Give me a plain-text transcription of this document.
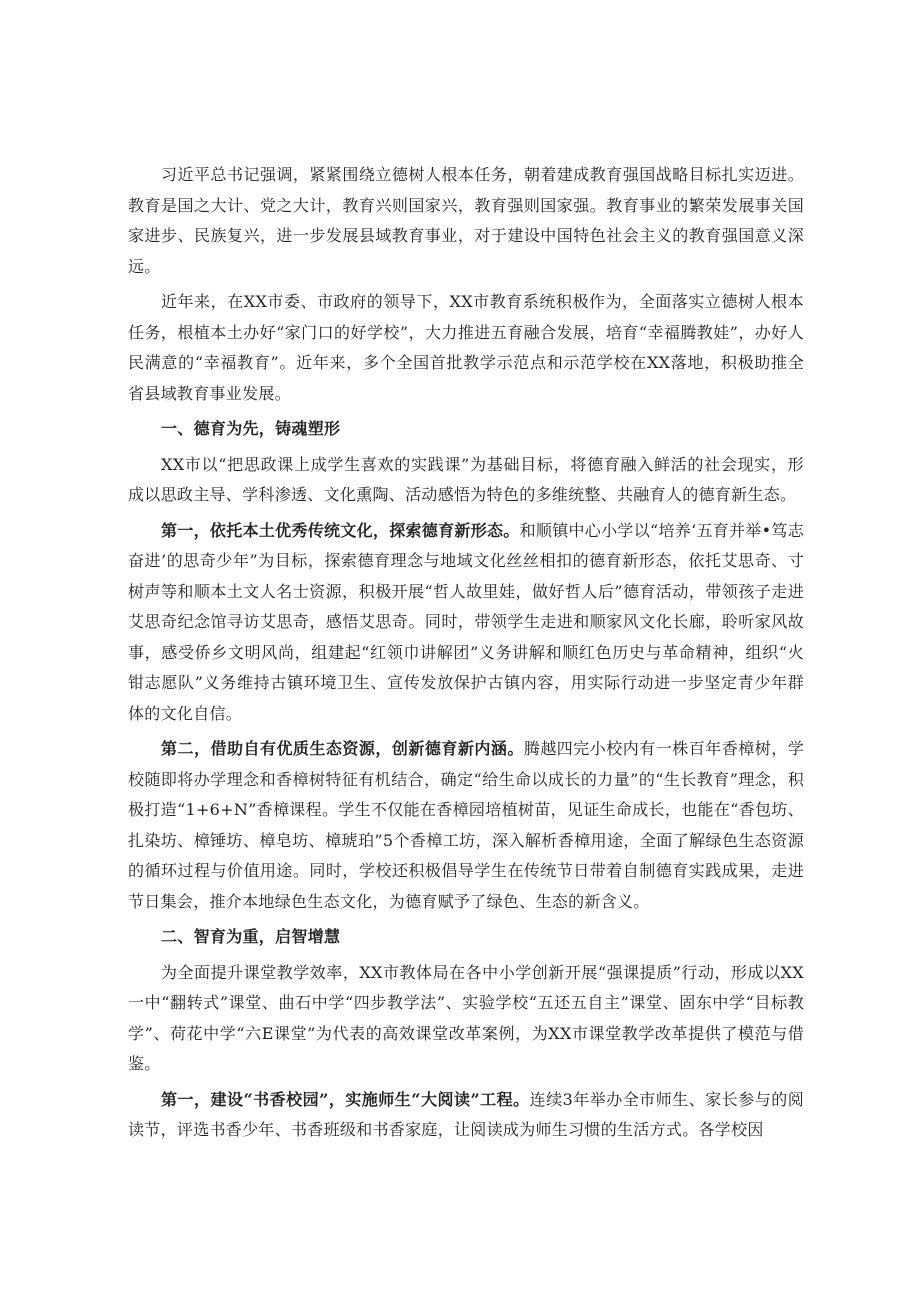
习近平总书记强调，紧紧围绕立德树人根本任务，朝着建成教育强国战略目标扎实迈进。教育是国之大计、党之大计，教育兴则国家兴，教育强则国家强。教育事业的繁荣发展事关国家进步、民族复兴，进一步发展县域教育事业，对于建设中国特色社会主义的教育强国意义深远。

近年来，在XX市委、市政府的领导下，XX市教育系统积极作为，全面落实立德树人根本任务，根植本土办好“家门口的好学校”，大力推进五育融合发展，培育“幸福腾教娃”，办好人民满意的“幸福教育”。近年来，多个全国首批教学示范点和示范学校在XX落地，积极助推全省县域教育事业发展。

一、德育为先，铸魂塑形

XX市以“把思政课上成学生喜欢的实践课”为基础目标，将德育融入鲜活的社会现实，形成以思政主导、学科渗透、文化熏陶、活动感悟为特色的多维统整、共融育人的德育新生态。

第一，依托本土优秀传统文化，探索德育新形态。和顺镇中心小学以“培养‘五育并举•笃志奋进’的思奇少年”为目标，探索德育理念与地域文化丝丝相扣的德育新形态，依托艾思奇、寸树声等和顺本土文人名士资源，积极开展“哲人故里娃，做好哲人后”德育活动，带领孩子走进艾思奇纪念馆寻访艾思奇，感悟艾思奇。同时，带领学生走进和顺家风文化长廊，聆听家风故事，感受侨乡文明风尚，组建起“红领巾讲解团”义务讲解和顺红色历史与革命精神，组织“火钳志愿队”义务维持古镇环境卫生、宣传发放保护古镇内容，用实际行动进一步坚定青少年群体的文化自信。

第二，借助自有优质生态资源，创新德育新内涵。腾越四完小校内有一株百年香樟树，学校随即将办学理念和香樟树特征有机结合，确定“给生命以成长的力量”的“生长教育”理念，积极打造“1+6+N”香樟课程。学生不仅能在香樟园培植树苗，见证生命成长，也能在“香包坊、扎染坊、樟锤坊、樟皂坊、樟琥珀”5个香樟工坊，深入解析香樟用途，全面了解绿色生态资源的循环过程与价值用途。同时，学校还积极倡导学生在传统节日带着自制德育实践成果，走进节日集会，推介本地绿色生态文化，为德育赋予了绿色、生态的新含义。

二、智育为重，启智增慧

为全面提升课堂教学效率，XX市教体局在各中小学创新开展“强课提质”行动，形成以XX一中“翻转式”课堂、曲石中学“四步教学法”、实验学校“五还五自主”课堂、固东中学“目标教学”、荷花中学“六E课堂”为代表的高效课堂改革案例，为XX市课堂教学改革提供了模范与借鉴。

第一，建设“书香校园”，实施师生“大阅读”工程。连续3年举办全市师生、家长参与的阅读节，评选书香少年、书香班级和书香家庭，让阅读成为师生习惯的生活方式。各学校因
